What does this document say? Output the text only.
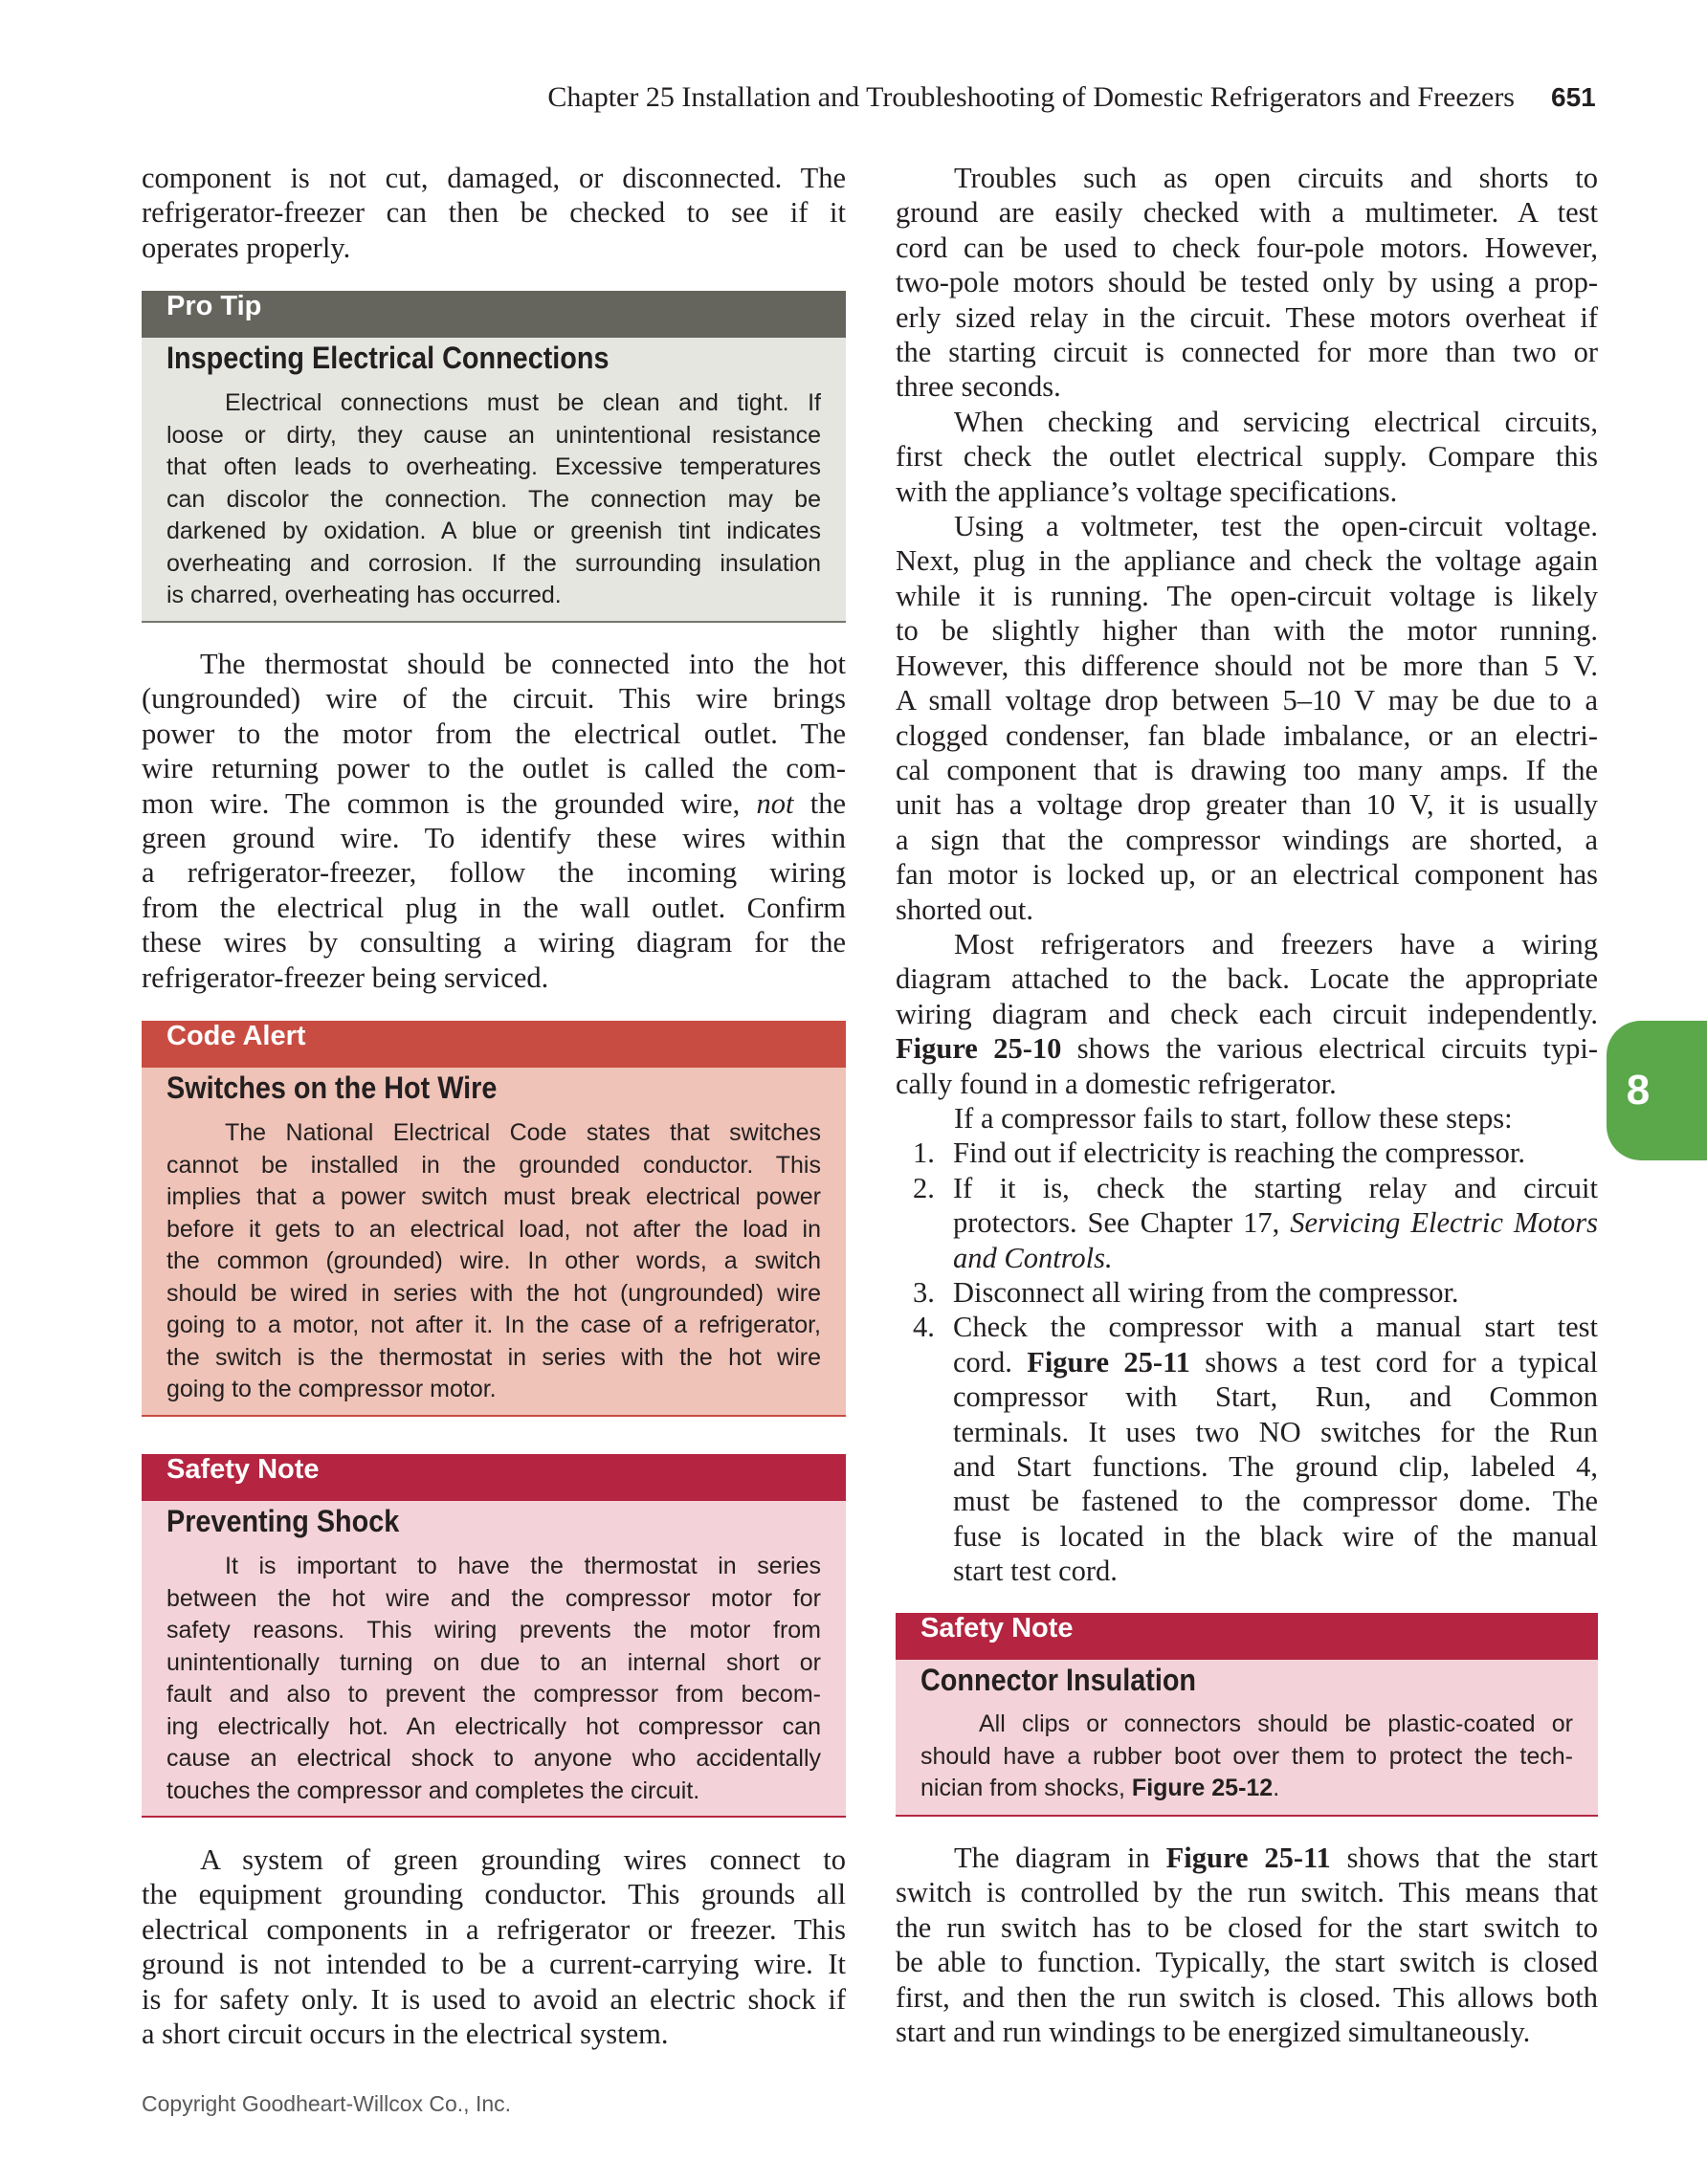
Chapter 25 Installation and Troubleshooting of Domestic Refrigerators and Freezers 651
component is not cut, damaged, or disconnected. The
refrigerator-freezer can then be checked to see if it
operates properly.
Pro Tip
Inspecting Electrical Connections
Electrical connections must be clean and tight. If
loose or dirty, they cause an unintentional resistance
that often leads to overheating. Excessive temperatures
can discolor the connection. The connection may be
darkened by oxidation. A blue or greenish tint indicates
overheating and corrosion. If the surrounding insulation
is charred, overheating has occurred.
The thermostat should be connected into the hot
(ungrounded) wire of the circuit. This wire brings
power to the motor from the electrical outlet. The
wire returning power to the outlet is called the com-
mon wire. The common is the grounded wire, not the
green ground wire. To identify these wires within
a refrigerator-freezer, follow the incoming wiring
from the electrical plug in the wall outlet. Confirm
these wires by consulting a wiring diagram for the
refrigerator-freezer being serviced.
Code Alert
Switches on the Hot Wire
The National Electrical Code states that switches
cannot be installed in the grounded conductor. This
implies that a power switch must break electrical power
before it gets to an electrical load, not after the load in
the common (grounded) wire. In other words, a switch
should be wired in series with the hot (ungrounded) wire
going to a motor, not after it. In the case of a refrigerator,
the switch is the thermostat in series with the hot wire
going to the compressor motor.
Safety Note
Preventing Shock
It is important to have the thermostat in series
between the hot wire and the compressor motor for
safety reasons. This wiring prevents the motor from
unintentionally turning on due to an internal short or
fault and also to prevent the compressor from becom-
ing electrically hot. An electrically hot compressor can
cause an electrical shock to anyone who accidentally
touches the compressor and completes the circuit.
A system of green grounding wires connect to
the equipment grounding conductor. This grounds all
electrical components in a refrigerator or freezer. This
ground is not intended to be a current-carrying wire. It
is for safety only. It is used to avoid an electric shock if
a short circuit occurs in the electrical system.
Troubles such as open circuits and shorts to
ground are easily checked with a multimeter. A test
cord can be used to check four-pole motors. However,
two-pole motors should be tested only by using a prop-
erly sized relay in the circuit. These motors overheat if
the starting circuit is connected for more than two or
three seconds.
When checking and servicing electrical circuits,
first check the outlet electrical supply. Compare this
with the appliance’s voltage specifications.
Using a voltmeter, test the open-circuit voltage.
Next, plug in the appliance and check the voltage again
while it is running. The open-circuit voltage is likely
to be slightly higher than with the motor running.
However, this difference should not be more than 5 V.
A small voltage drop between 5–10 V may be due to a
clogged condenser, fan blade imbalance, or an electri-
cal component that is drawing too many amps. If the
unit has a voltage drop greater than 10 V, it is usually
a sign that the compressor windings are shorted, a
fan motor is locked up, or an electrical component has
shorted out.
Most refrigerators and freezers have a wiring
diagram attached to the back. Locate the appropriate
wiring diagram and check each circuit independently.
Figure 25-10 shows the various electrical circuits typi-
cally found in a domestic refrigerator.
If a compressor fails to start, follow these steps:
1. Find out if electricity is reaching the compressor.
2. If it is, check the starting relay and circuit
protectors. See Chapter 17, Servicing Electric Motors
and Controls.
3. Disconnect all wiring from the compressor.
4. Check the compressor with a manual start test
cord. Figure 25-11 shows a test cord for a typical
compressor with Start, Run, and Common
terminals. It uses two NO switches for the Run
and Start functions. The ground clip, labeled 4,
must be fastened to the compressor dome. The
fuse is located in the black wire of the manual
start test cord.
Safety Note
Connector Insulation
All clips or connectors should be plastic-coated or
should have a rubber boot over them to protect the tech-
nician from shocks, Figure 25-12.
The diagram in Figure 25-11 shows that the start
switch is controlled by the run switch. This means that
the run switch has to be closed for the start switch to
be able to function. Typically, the start switch is closed
first, and then the run switch is closed. This allows both
start and run windings to be energized simultaneously.
8
Copyright Goodheart-Willcox Co., Inc.
